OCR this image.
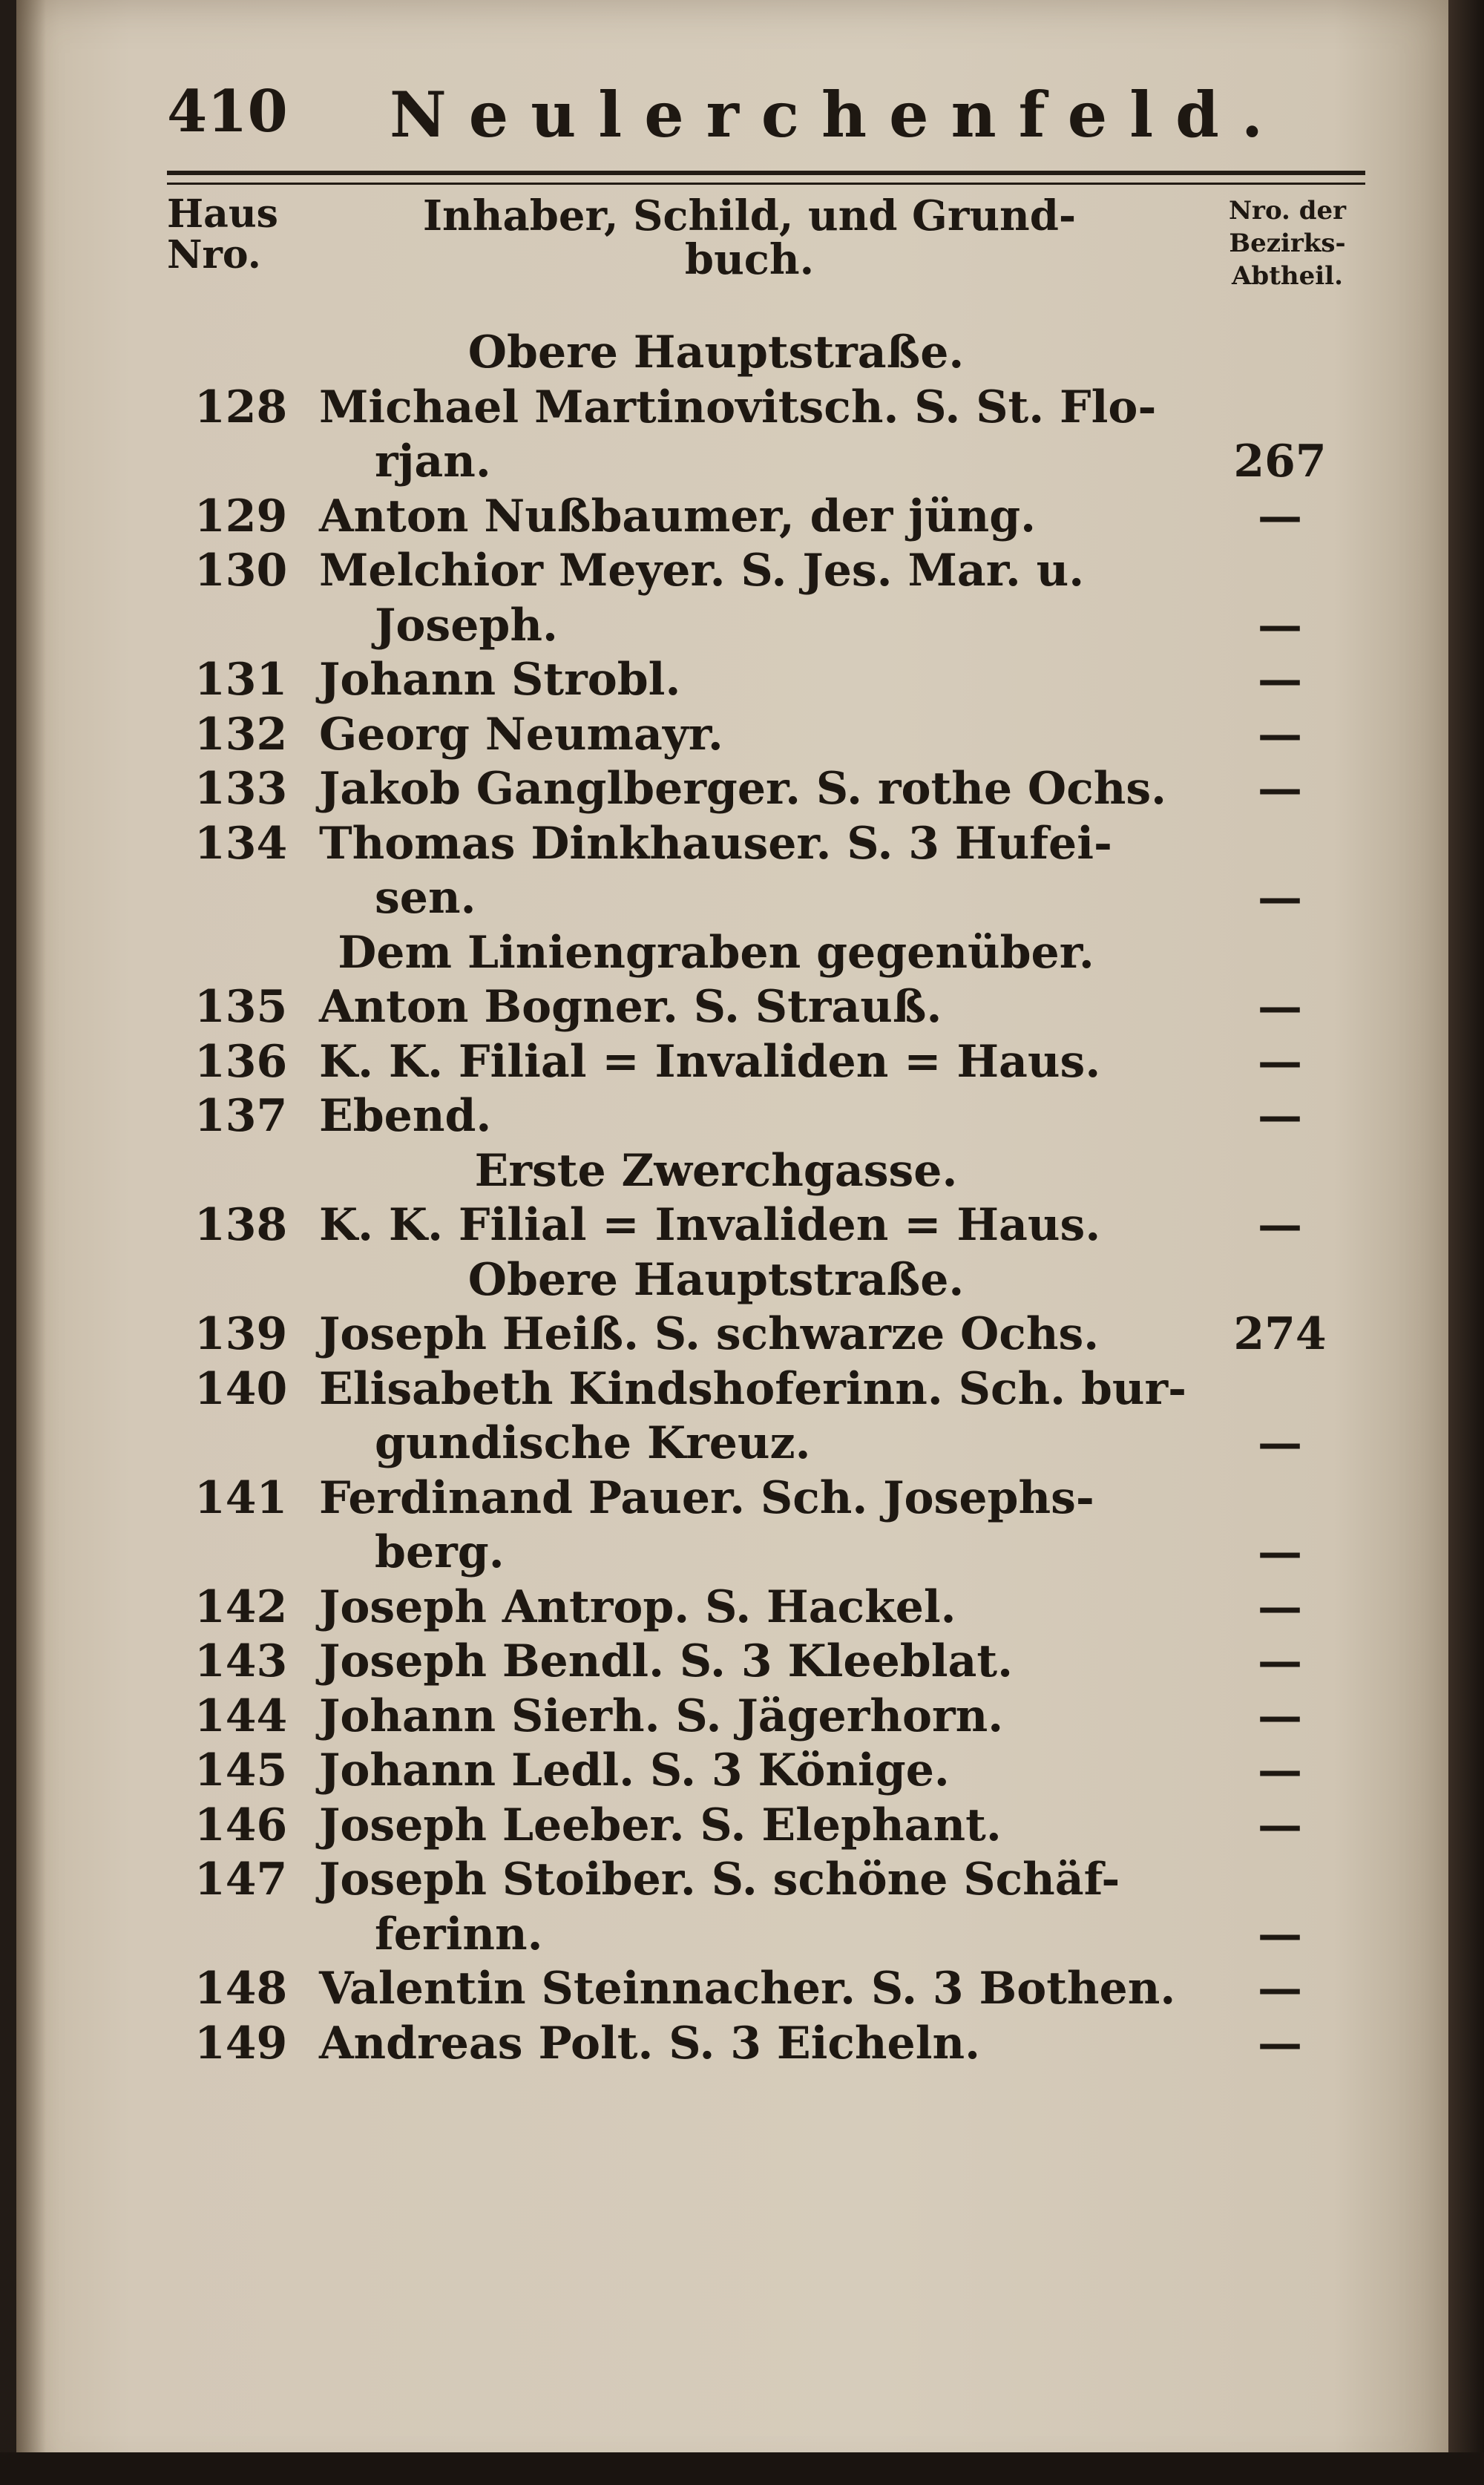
410 Neulerchenfeld.
Haus Nro.
Inhaber, Schild, und Grund-
buch.
Nro. der Bezirks-
Abtheil.
Obere Hauptstraße.
128 Michael Martinovitsch. S. St. Flo-
rjan.	267
129 Anton Nußbaumer, der jüng.	—
130 Melchior Meyer. S. Jes. Mar. u.
Joseph.	—
131 Johann Strobl.	—
132 Georg Neumayr.	—
133 Jakob Ganglberger. S. rothe Ochs.	—
134 Thomas Dinkhauser. S. 3 Hufei-
sen.	—
Dem Liniengraben gegenüber.
135 Anton Bogner. S. Strauß.	—
136 K. K. Filial = Invaliden = Haus.	—
137 Ebend.	—
Erste Zwerchgasse.
138 K. K. Filial = Invaliden = Haus.	—
Obere Hauptstraße.
139 Joseph Heiß. S. schwarze Ochs.	274
140 Elisabeth Kindshoferinn. Sch. bur-
gundische Kreuz.	—
141 Ferdinand Pauer. Sch. Josephs-
berg.	—
142 Joseph Antrop. S. Hackel.	—
143 Joseph Bendl. S. 3 Kleeblat.	—
144 Johann Sierh. S. Jägerhorn.	—
145 Johann Ledl. S. 3 Könige.	—
146 Joseph Leeber. S. Elephant.	—
147 Joseph Stoiber. S. schöne Schäf-
ferinn.	—
148 Valentin Steinnacher. S. 3 Bothen.	—
149 Andreas Polt. S. 3 Eicheln.	—
